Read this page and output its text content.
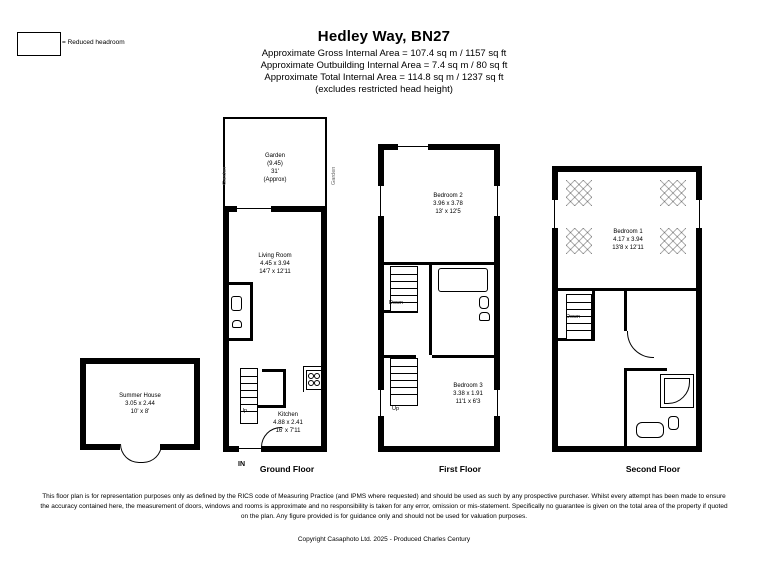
Hedley Way, BN27
Approximate Gross Internal Area = 107.4 sq m / 1157 sq ft
Approximate Outbuilding Internal Area = 7.4 sq m / 80 sq ft
Approximate Total Internal Area = 114.8 sq m / 1237 sq ft
(excludes restricted head height)
= Reduced headroom
Summer House
3.05 x 2.44
10' x 8'	Up
IN
Garden	Garden
Garden
(9.45)
31'
(Approx)
Living Room
4.45 x 3.94
14'7 x 12'11
Kitchen
4.88 x 2.41
16' x 7'11
Ground Floor
Down
Up
Bedroom 2
3.96 x 3.78
13' x 12'5
Bedroom 3
3.38 x 1.91
11'1 x 6'3
First Floor
Down
Bedroom 1
4.17 x 3.94
13'8 x 12'11
Second Floor
This floor plan is for representation purposes only as defined by the RICS code of Measuring Practice (and IPMS where requested) and should be used as such by any prospective purchaser. Whilst every attempt has been made to ensure the accuracy contained here, the measurement of doors, windows and rooms is approximate and no responsibility is taken for any error, omission or mis-statement. Specifically no guarantee is given on the total area of the property if quoted on the plan. Any figure provided is for guidance only and should not be used for valuation purposes.
Copyright Casaphoto Ltd. 2025 - Produced Charles Century
